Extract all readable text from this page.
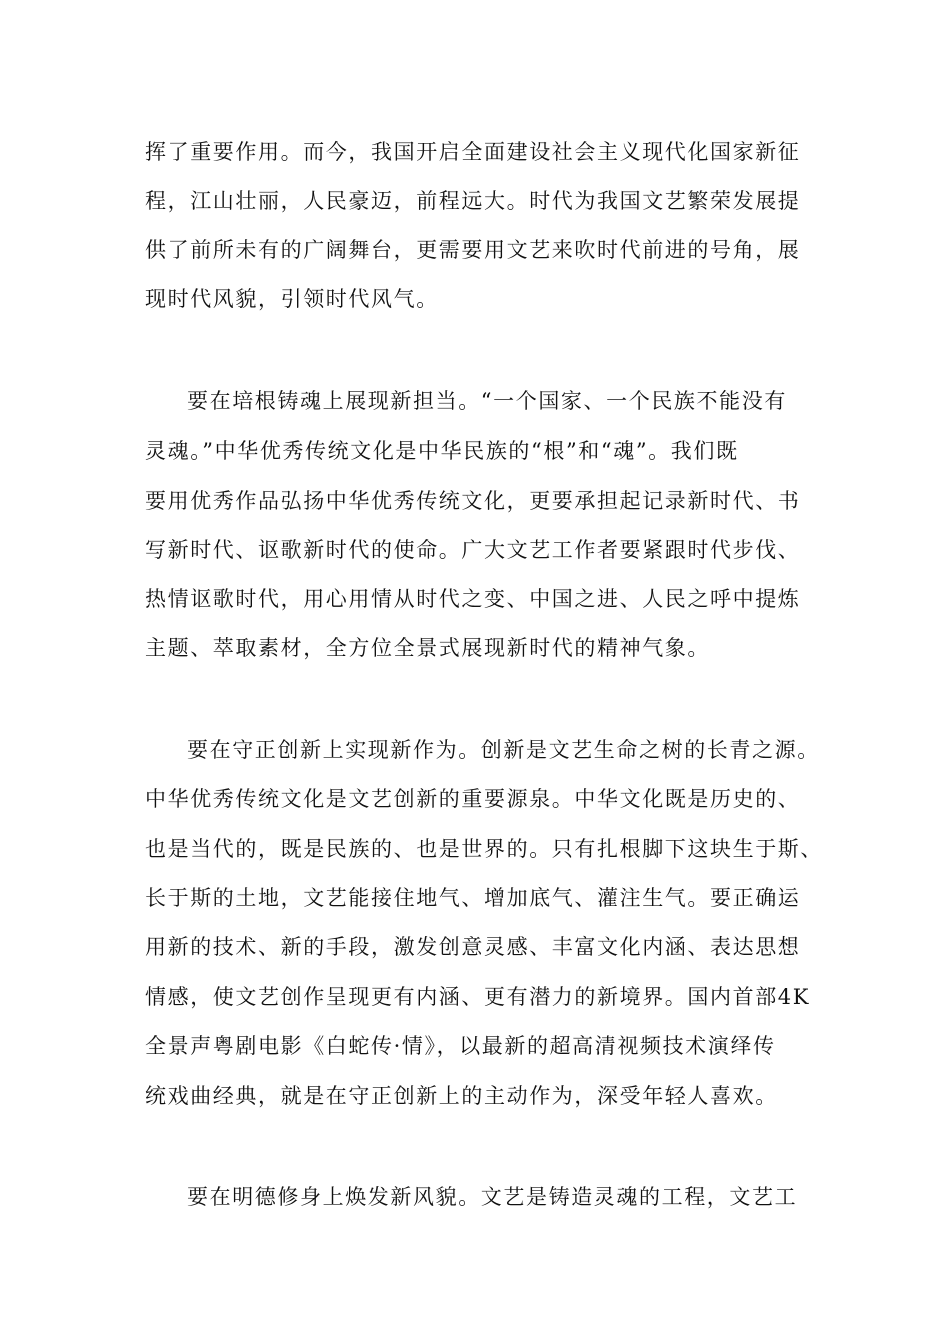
挥了重要作用。而今，我国开启全面建设社会主义现代化国家新征
程，江山壮丽，人民豪迈，前程远大。时代为我国文艺繁荣发展提
供了前所未有的广阔舞台，更需要用文艺来吹时代前进的号角，展
现时代风貌，引领时代风气。
要在培根铸魂上展现新担当。“一个国家、一个民族不能没有
灵魂。”中华优秀传统文化是中华民族的“根”和“魂”。我们既
要用优秀作品弘扬中华优秀传统文化，更要承担起记录新时代、书
写新时代、讴歌新时代的使命。广大文艺工作者要紧跟时代步伐、
热情讴歌时代，用心用情从时代之变、中国之进、人民之呼中提炼
主题、萃取素材，全方位全景式展现新时代的精神气象。
要在守正创新上实现新作为。创新是文艺生命之树的长青之源。
中华优秀传统文化是文艺创新的重要源泉。中华文化既是历史的、
也是当代的，既是民族的、也是世界的。只有扎根脚下这块生于斯、
长于斯的土地，文艺能接住地气、增加底气、灌注生气。要正确运
用新的技术、新的手段，激发创意灵感、丰富文化内涵、表达思想
情感，使文艺创作呈现更有内涵、更有潜力的新境界。国内首部4K
全景声粤剧电影《白蛇传·情》，以最新的超高清视频技术演绎传
统戏曲经典，就是在守正创新上的主动作为，深受年轻人喜欢。
要在明德修身上焕发新风貌。文艺是铸造灵魂的工程，文艺工
